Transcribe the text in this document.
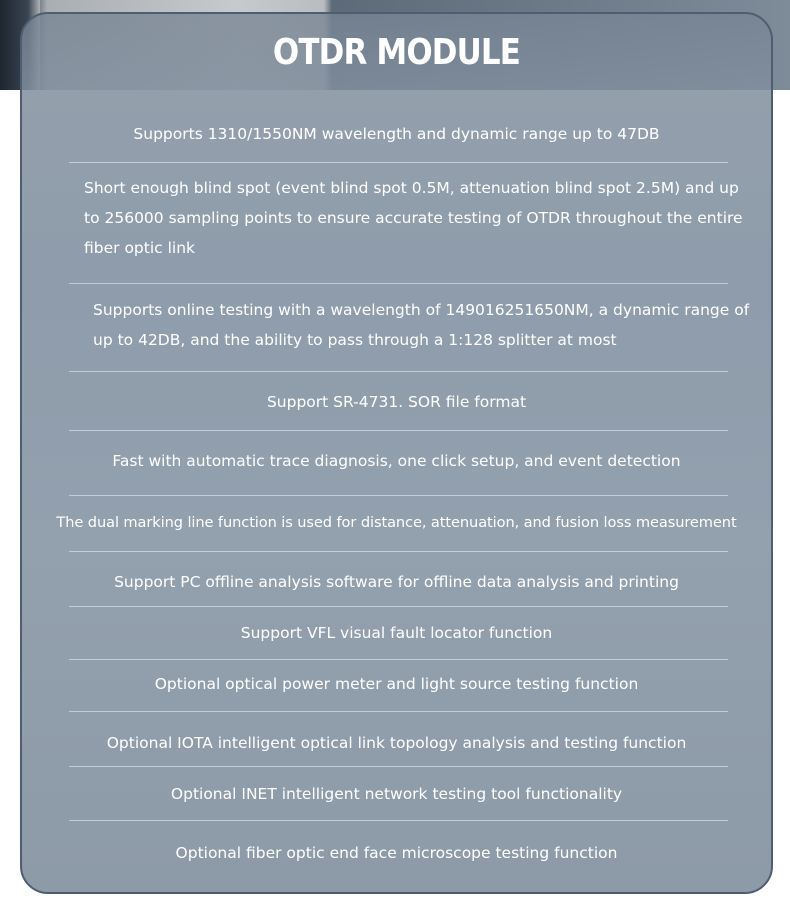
OTDR MODULE
Supports 1310/1550NM wavelength and dynamic range up to 47DB
Short enough blind spot (event blind spot 0.5M, attenuation blind spot 2.5M) and up
to 256000 sampling points to ensure accurate testing of OTDR throughout the entire
fiber optic link
Supports online testing with a wavelength of 149016251650NM, a dynamic range of
up to 42DB, and the ability to pass through a 1:128 splitter at most
Support SR-4731. SOR file format
Fast with automatic trace diagnosis, one click setup, and event detection
The dual marking line function is used for distance, attenuation, and fusion loss measurement
Support PC offline analysis software for offline data analysis and printing
Support VFL visual fault locator function
Optional optical power meter and light source testing function
Optional IOTA intelligent optical link topology analysis and testing function
Optional INET intelligent network testing tool functionality
Optional fiber optic end face microscope testing function
